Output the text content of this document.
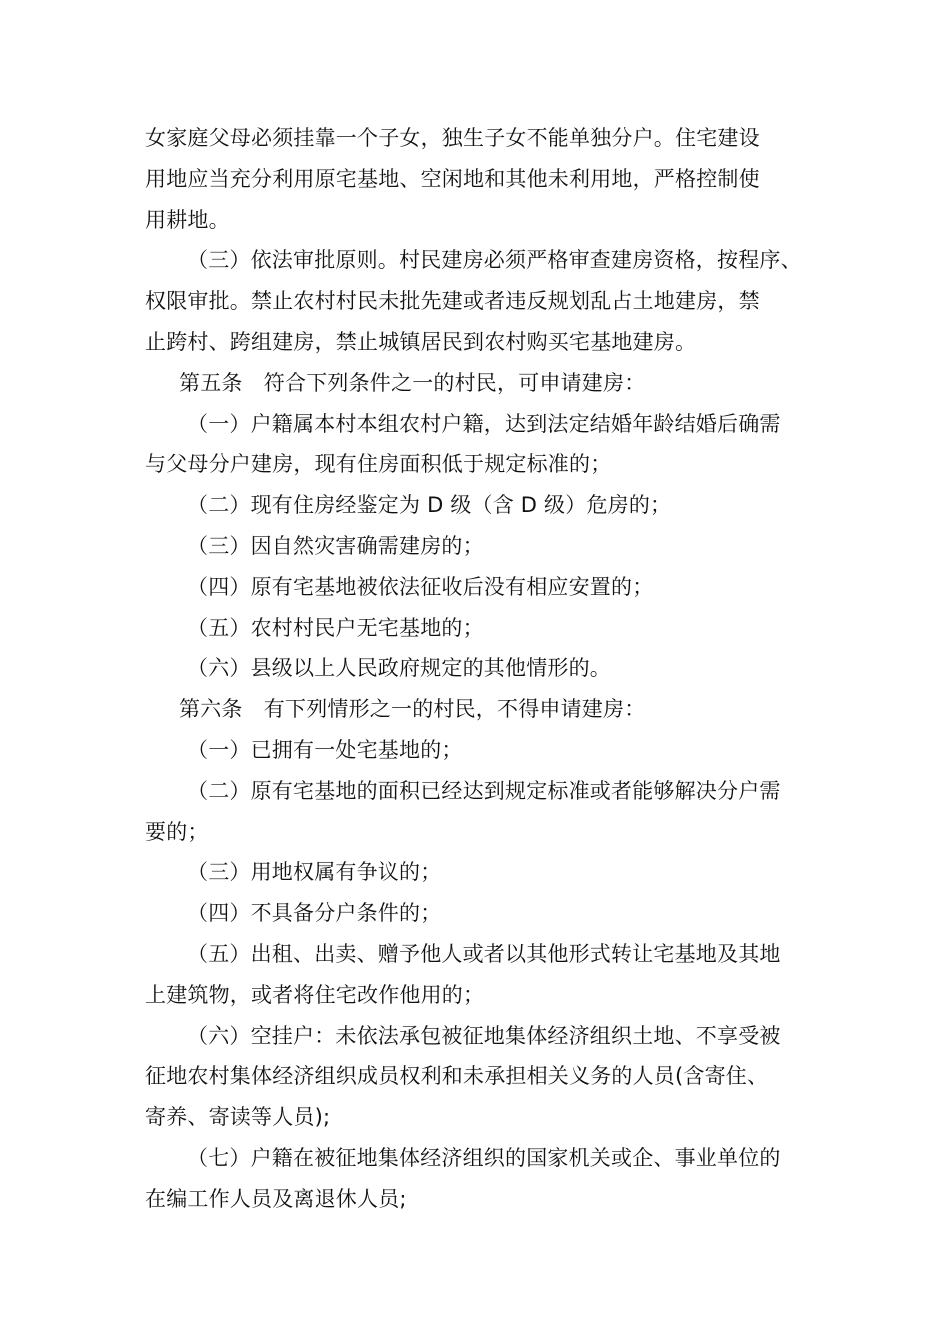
女家庭父母必须挂靠一个子女，独生子女不能单独分户。住宅建设
用地应当充分利用原宅基地、空闲地和其他未利用地，严格控制使
用耕地。
（三）依法审批原则。村民建房必须严格审查建房资格，按程序、
权限审批。禁止农村村民未批先建或者违反规划乱占土地建房，禁
止跨村、跨组建房，禁止城镇居民到农村购买宅基地建房。
第五条　符合下列条件之一的村民，可申请建房：
（一）户籍属本村本组农村户籍，达到法定结婚年龄结婚后确需
与父母分户建房，现有住房面积低于规定标准的；
（二）现有住房经鉴定为 D 级（含 D 级）危房的；
（三）因自然灾害确需建房的；
（四）原有宅基地被依法征收后没有相应安置的；
（五）农村村民户无宅基地的；
（六）县级以上人民政府规定的其他情形的。
第六条　有下列情形之一的村民，不得申请建房：
（一）已拥有一处宅基地的；
（二）原有宅基地的面积已经达到规定标准或者能够解决分户需
要的；
（三）用地权属有争议的；
（四）不具备分户条件的；
（五）出租、出卖、赠予他人或者以其他形式转让宅基地及其地
上建筑物，或者将住宅改作他用的；
（六）空挂户：未依法承包被征地集体经济组织土地、不享受被
征地农村集体经济组织成员权利和未承担相关义务的人员(含寄住、
寄养、寄读等人员);
（七）户籍在被征地集体经济组织的国家机关或企、事业单位的
在编工作人员及离退休人员;
